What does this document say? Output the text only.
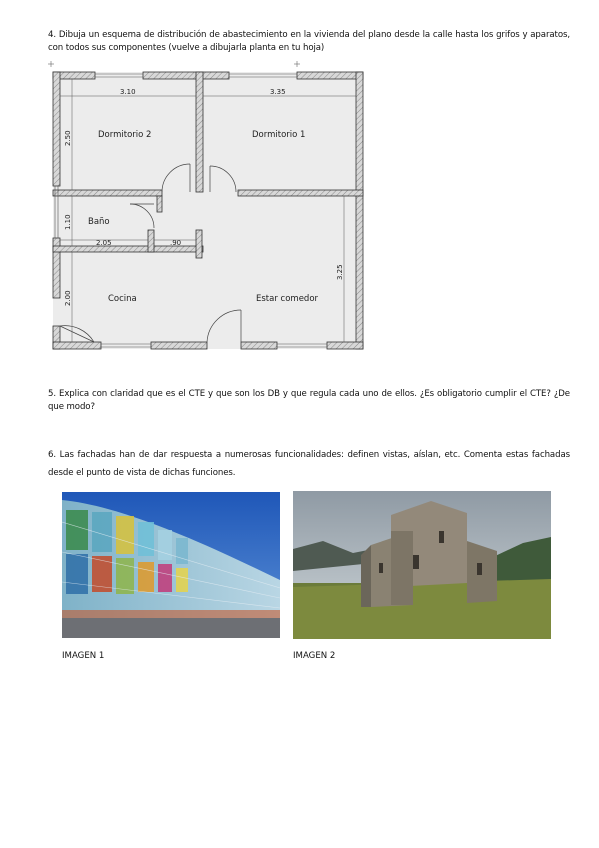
4. Dibuja un esquema de distribución de abastecimiento en la vivienda del plano desde la calle hasta los grifos y aparatos, con todos sus componentes (vuelve a dibujarla planta en tu hoja)
3.10	3.35
2.50
1.10
2.05	.90
2.00
3.25
Dormitorio 2	Dormitorio 1
Baño
Cocina	Estar comedor
5. Explica con claridad que es el CTE y que son los DB y que regula cada uno de ellos. ¿Es obligatorio cumplir el CTE? ¿De que modo?
6. Las fachadas han de dar respuesta a numerosas funcionalidades: definen vistas, aíslan, etc. Comenta estas fachadas desde el punto de vista de dichas funciones.
IMAGEN 1	IMAGEN 2
